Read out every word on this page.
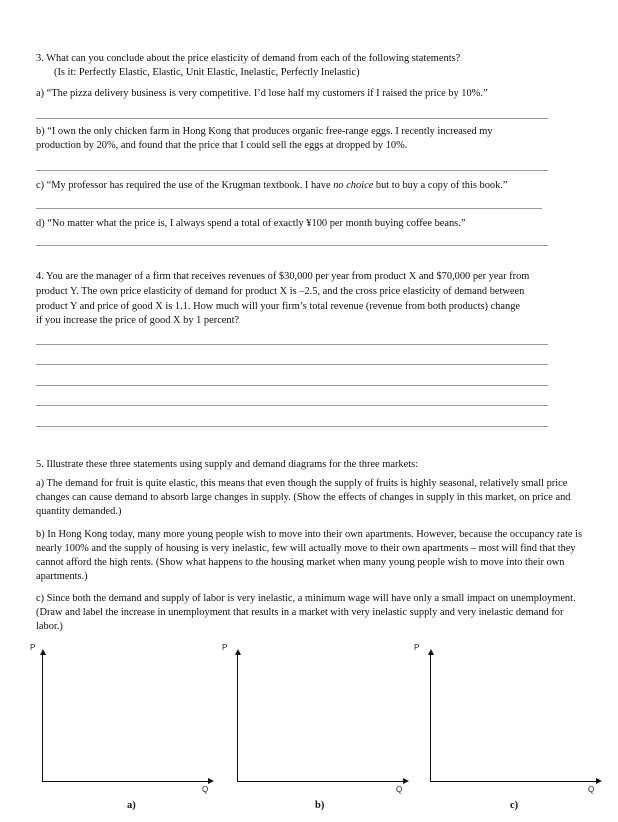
3. What can you conclude about the price elasticity of demand from each of the following statements?
(Is it: Perfectly Elastic, Elastic, Unit Elastic, Inelastic, Perfectly Inelastic)
a) “The pizza delivery business is very competitive. I’d lose half my customers if I raised the price by 10%.”
b) “I own the only chicken farm in Hong Kong that produces organic free-range eggs. I recently increased my
production by 20%, and found that the price that I could sell the eggs at dropped by 10%.
c) “My professor has required the use of the Krugman textbook. I have no choice but to buy a copy of this book.”
d) “No matter what the price is, I always spend a total of exactly ¥100 per month buying coffee beans.”
4. You are the manager of a firm that receives revenues of $30,000 per year from product X and $70,000 per year from
product Y. The own price elasticity of demand for product X is –2.5, and the cross price elasticity of demand between
product Y and price of good X is 1.1. How much will your firm’s total revenue (revenue from both products) change
if you increase the price of good X by 1 percent?
5. Illustrate these three statements using supply and demand diagrams for the three markets:
a) The demand for fruit is quite elastic, this means that even though the supply of fruits is highly seasonal, relatively small price changes can cause demand to absorb large changes in supply. (Show the effects of changes in supply in this market, on price and quantity demanded.)
b) In Hong Kong today, many more young people wish to move into their own apartments. However, because the occupancy rate is nearly 100% and the supply of housing is very inelastic, few will actually move to their own apartments – most will find that they cannot afford the high rents. (Show what happens to the housing market when many young people wish to move into their own apartments.)
c) Since both the demand and supply of labor is very inelastic, a minimum wage will have only a small impact on unemployment. (Draw and label the increase in unemployment that results in a market with very inelastic supply and very inelastic demand for labor.)
P
Q
a)
P
Q
b)
P
Q
c)
